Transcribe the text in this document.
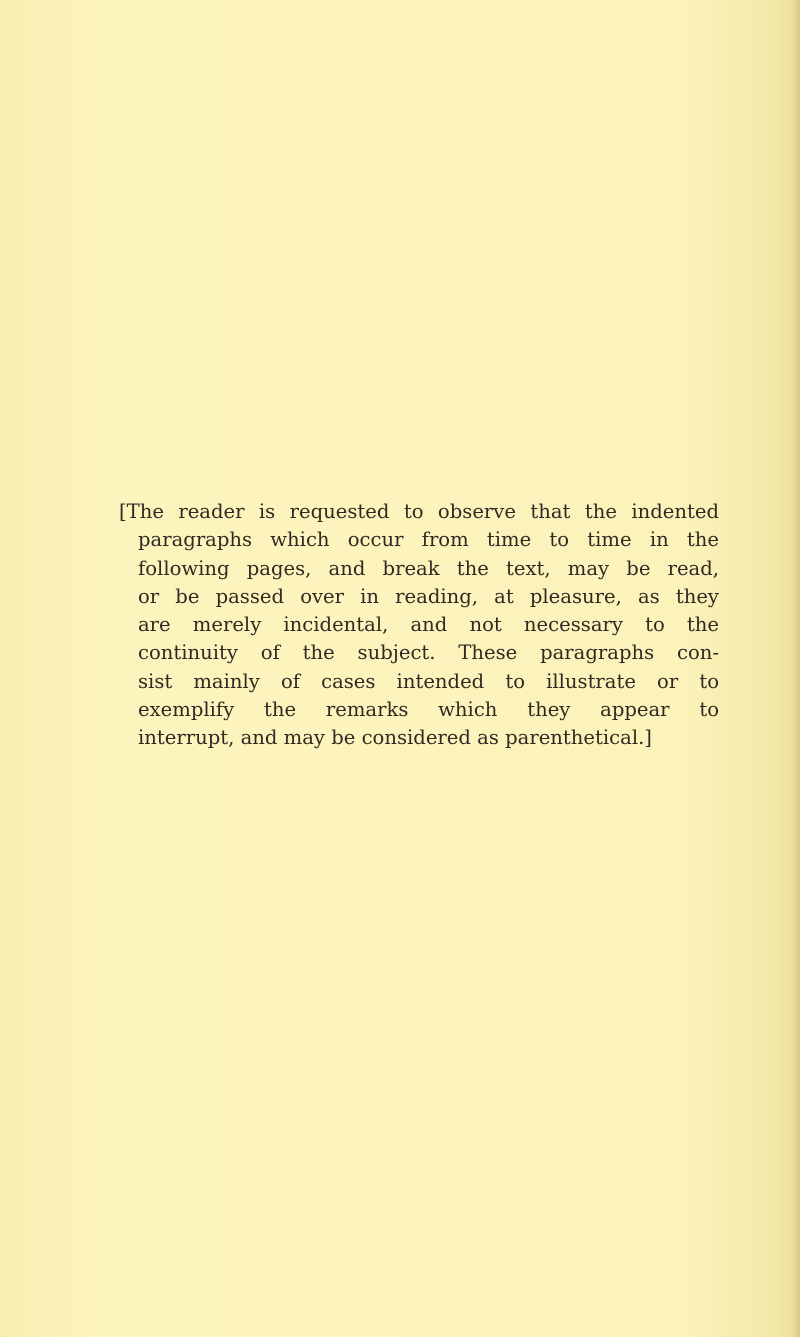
[The reader is requested to observe that the indented
paragraphs which occur from time to time in the
following pages, and break the text, may be read,
or be passed over in reading, at pleasure, as they
are merely incidental, and not necessary to the
continuity of the subject. These paragraphs con-
sist mainly of cases intended to illustrate or to
exemplify the remarks which they appear to
interrupt, and may be considered as parenthetical.]
